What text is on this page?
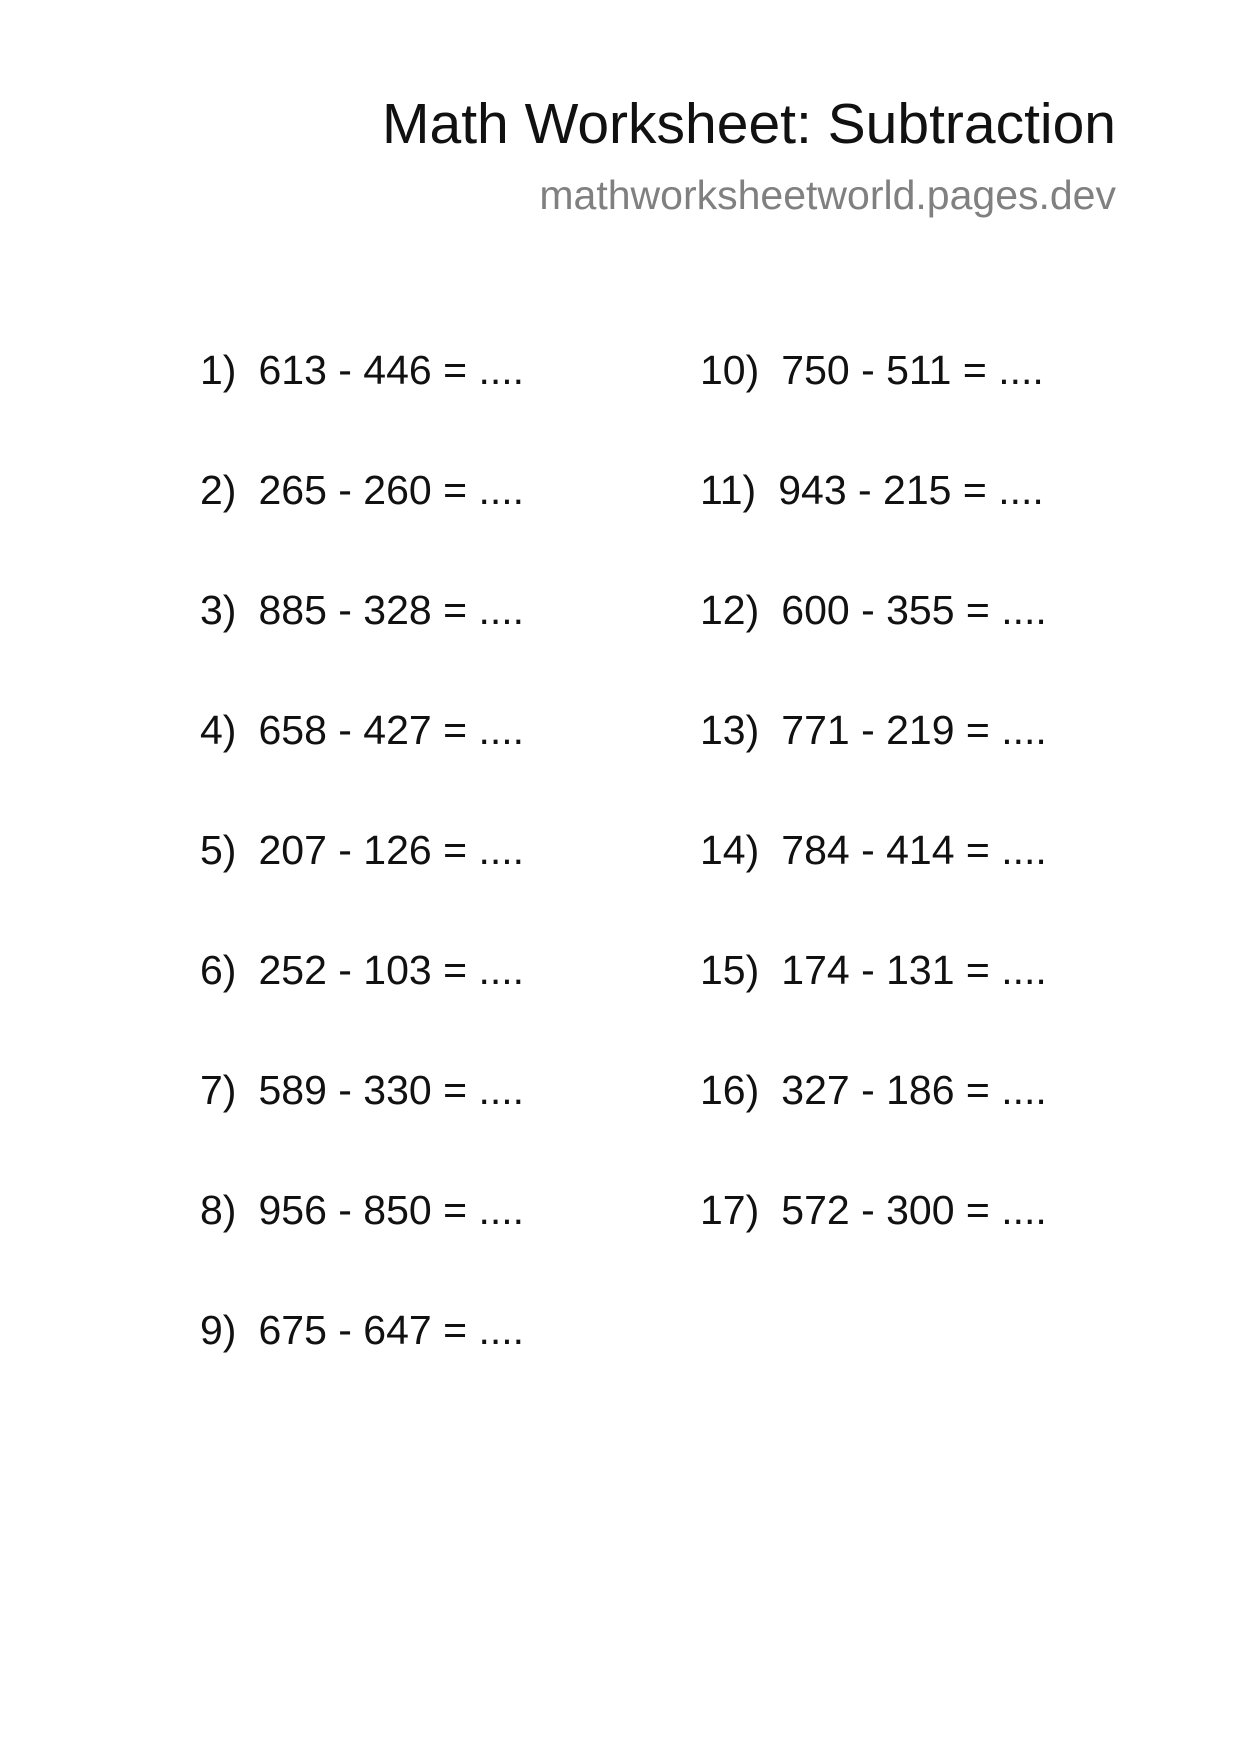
Math Worksheet: Subtraction
mathworksheetworld.pages.dev
1) 613 - 446 = ....
2) 265 - 260 = ....
3) 885 - 328 = ....
4) 658 - 427 = ....
5) 207 - 126 = ....
6) 252 - 103 = ....
7) 589 - 330 = ....
8) 956 - 850 = ....
9) 675 - 647 = ....
10) 750 - 511 = ....
11) 943 - 215 = ....
12) 600 - 355 = ....
13) 771 - 219 = ....
14) 784 - 414 = ....
15) 174 - 131 = ....
16) 327 - 186 = ....
17) 572 - 300 = ....
